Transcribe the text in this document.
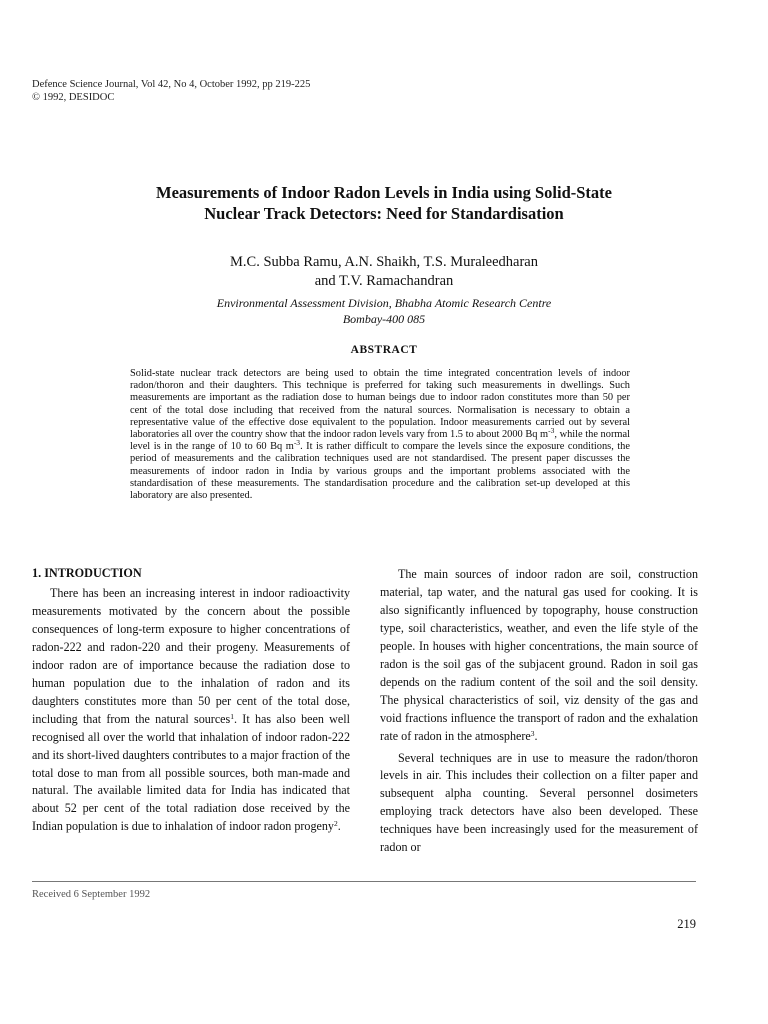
Defence Science Journal, Vol 42, No 4, October 1992, pp 219-225
© 1992, DESIDOC
Measurements of Indoor Radon Levels in India using Solid-State
Nuclear Track Detectors: Need for Standardisation
M.C. Subba Ramu, A.N. Shaikh, T.S. Muraleedharan
and T.V. Ramachandran
Environmental Assessment Division, Bhabha Atomic Research Centre
Bombay-400 085
ABSTRACT
Solid-state nuclear track detectors are being used to obtain the time integrated concentration levels of indoor radon/thoron and their daughters. This technique is preferred for taking such measurements in dwellings. Such measurements are important as the radiation dose to human beings due to indoor radon constitutes more than 50 per cent of the total dose including that received from the natural sources. Normalisation is necessary to obtain a representative value of the effective dose equivalent to the population. Indoor measurements carried out by several laboratories all over the country show that the indoor radon levels vary from 1.5 to about 2000 Bq $m^{-3}$, while the normal level is in the range of 10 to 60 Bq $m^{-3}$. It is rather difficult to compare the levels since the exposure conditions, the period of measurements and the calibration techniques used are not standardised. The present paper discusses the measurements of indoor radon in India by various groups and the important problems associated with the standardisation of these measurements. The standardisation procedure and the calibration set-up developed at this laboratory are also presented.
1. INTRODUCTION

There has been an increasing interest in indoor radioactivity measurements motivated by the concern about the possible consequences of long-term exposure to higher concentrations of radon-222 and radon-220 and their progeny. Measurements of indoor radon are of importance because the radiation dose to human population due to the inhalation of radon and its daughters constitutes more than 50 per cent of the total dose, including that from the natural sources$^1$. It has also been well recognised all over the world that inhalation of indoor radon-222 and its short-lived daughters contributes to a major fraction of the total dose to man from all possible sources, both man-made and natural. The available limited data for India has indicated that about 52 per cent of the total radiation dose received by the Indian population is due to inhalation of indoor radon progeny$^2$.

The main sources of indoor radon are soil, construction material, tap water, and the natural gas used for cooking. It is also significantly influenced by topography, house construction type, soil characteristics, weather, and even the life style of the people. In houses with higher concentrations, the main source of radon is the soil gas of the subjacent ground. Radon in soil gas depends on the radium content of the soil and the soil density. The physical characteristics of soil, viz density of the gas and void fractions influence the transport of radon and the exhalation rate of radon in the atmosphere$^3$.

Several techniques are in use to measure the radon/thoron levels in air. This includes their collection on a filter paper and subsequent alpha counting. Several personnel dosimeters employing track detectors have also been developed. These techniques have been increasingly used for the measurement of radon or

Received 6 September 1992
219
